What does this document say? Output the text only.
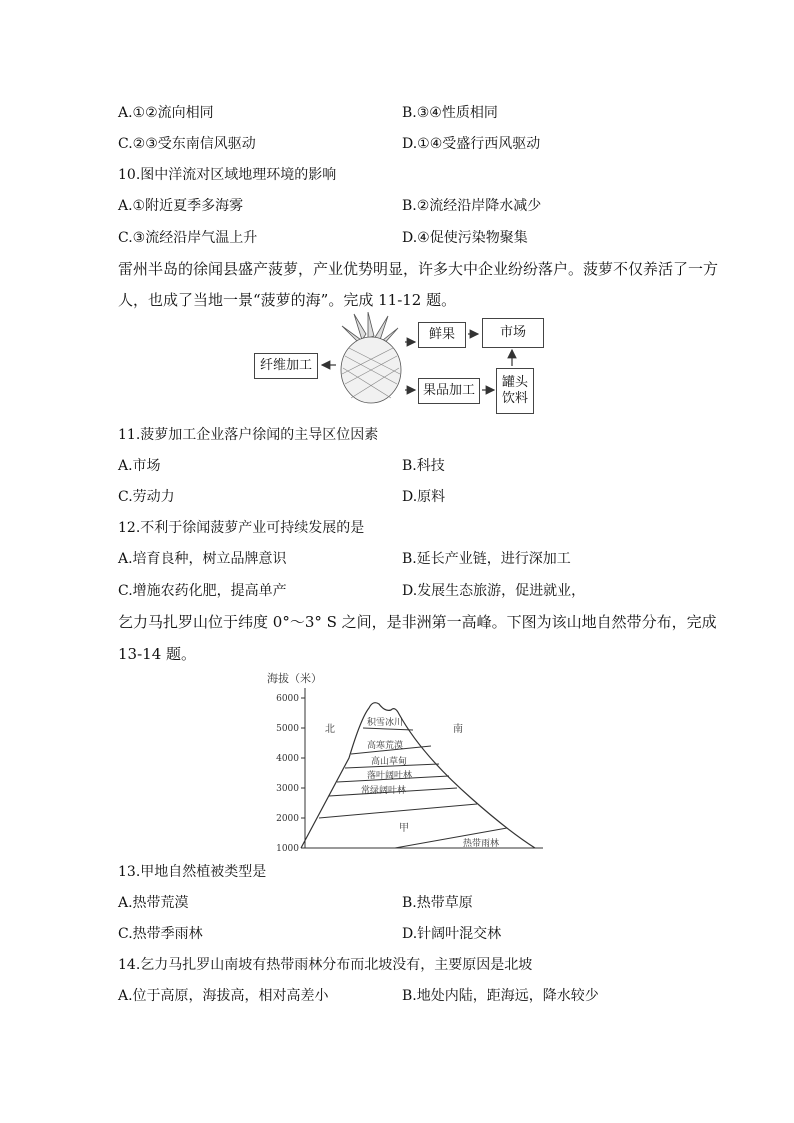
A.①②流向相同	B.③④性质相同
C.②③受东南信风驱动	D.①④受盛行西风驱动
10.图中洋流对区域地理环境的影响
A.①附近夏季多海雾	B.②流经沿岸降水减少
C.③流经沿岸气温上升	D.④促使污染物聚集
雷州半岛的徐闻县盛产菠萝，产业优势明显，许多大中企业纷纷落户。菠萝不仅养活了一方
人，也成了当地一景“菠萝的海”。完成 11-12 题。
鲜果	市场
纤维加工
果品加工
罐头
饮料
乞力马扎罗山位于纬度 0°～3° S 之间，是非洲第一高峰。下图为该山地自然带分布，完成
13-14 题。
海拔（米）
6000
5000
4000
3000
2000
1000
北	南
积雪冰川
高寒荒漠
高山草甸
落叶阔叶林
常绿阔叶林
甲
热带雨林
11.菠萝加工企业落户徐闻的主导区位因素
A.市场	B.科技
C.劳动力	D.原料
12.不利于徐闻菠萝产业可持续发展的是
A.培育良种，树立品牌意识	B.延长产业链，进行深加工
C.增施农药化肥，提高单产	D.发展生态旅游，促进就业，
13.甲地自然植被类型是
A.热带荒漠	B.热带草原
C.热带季雨林	D.针阔叶混交林
14.乞力马扎罗山南坡有热带雨林分布而北坡没有，主要原因是北坡
A.位于高原，海拔高，相对高差小	B.地处内陆，距海远，降水较少
